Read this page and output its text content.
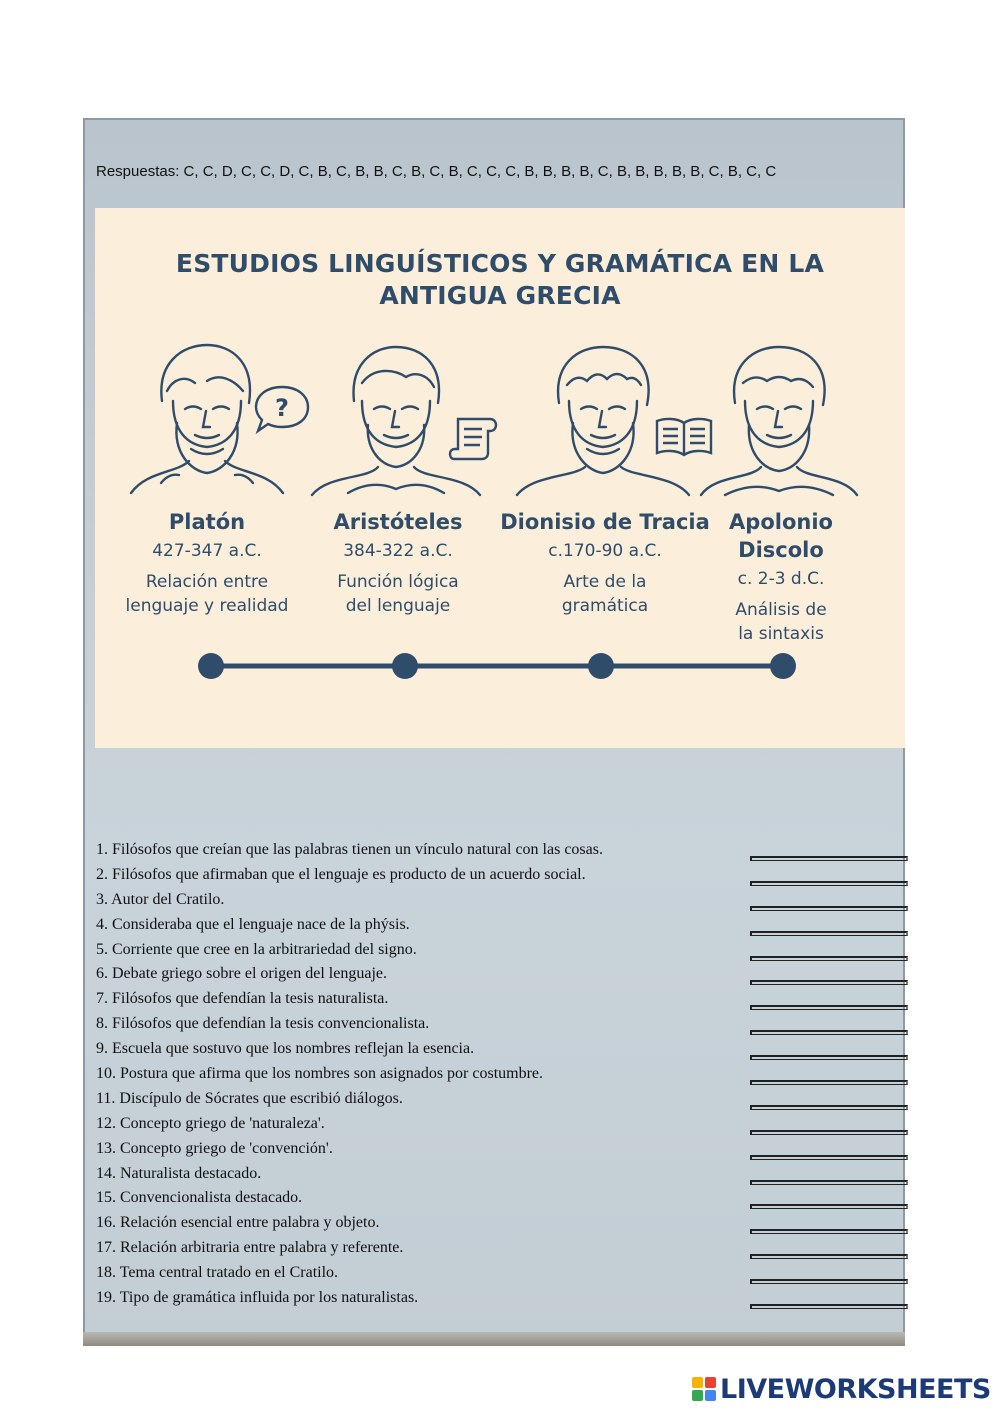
Respuestas: C, C, D, C, C, D, C, B, C, B, B, C, B, C, B, C, C, C, B, B, B, B, C, B, B, B, B, B, C, B, C, C
ESTUDIOS LINGUÍSTICOS Y GRAMÁTICA EN LA
ANTIGUA GRECIA
?
Platón
427-347 a.C.
Relación entre
lenguaje y realidad
Aristóteles
384-322 a.C.
Función lógica
del lenguaje
Dionisio de Tracia
c.170-90 a.C.
Arte de la
gramática
Apolonio
Discolo
c. 2-3 d.C.
Análisis de
la sintaxis
1. Filósofos que creían que las palabras tienen un vínculo natural con las cosas.
2. Filósofos que afirmaban que el lenguaje es producto de un acuerdo social.
3. Autor del Cratilo.
4. Consideraba que el lenguaje nace de la phýsis.
5. Corriente que cree en la arbitrariedad del signo.
6. Debate griego sobre el origen del lenguaje.
7. Filósofos que defendían la tesis naturalista.
8. Filósofos que defendían la tesis convencionalista.
9. Escuela que sostuvo que los nombres reflejan la esencia.
10. Postura que afirma que los nombres son asignados por costumbre.
11. Discípulo de Sócrates que escribió diálogos.
12. Concepto griego de 'naturaleza'.
13. Concepto griego de 'convención'.
14. Naturalista destacado.
15. Convencionalista destacado.
16. Relación esencial entre palabra y objeto.
17. Relación arbitraria entre palabra y referente.
18. Tema central tratado en el Cratilo.
19. Tipo de gramática influida por los naturalistas.
LIVEWORKSHEETS
